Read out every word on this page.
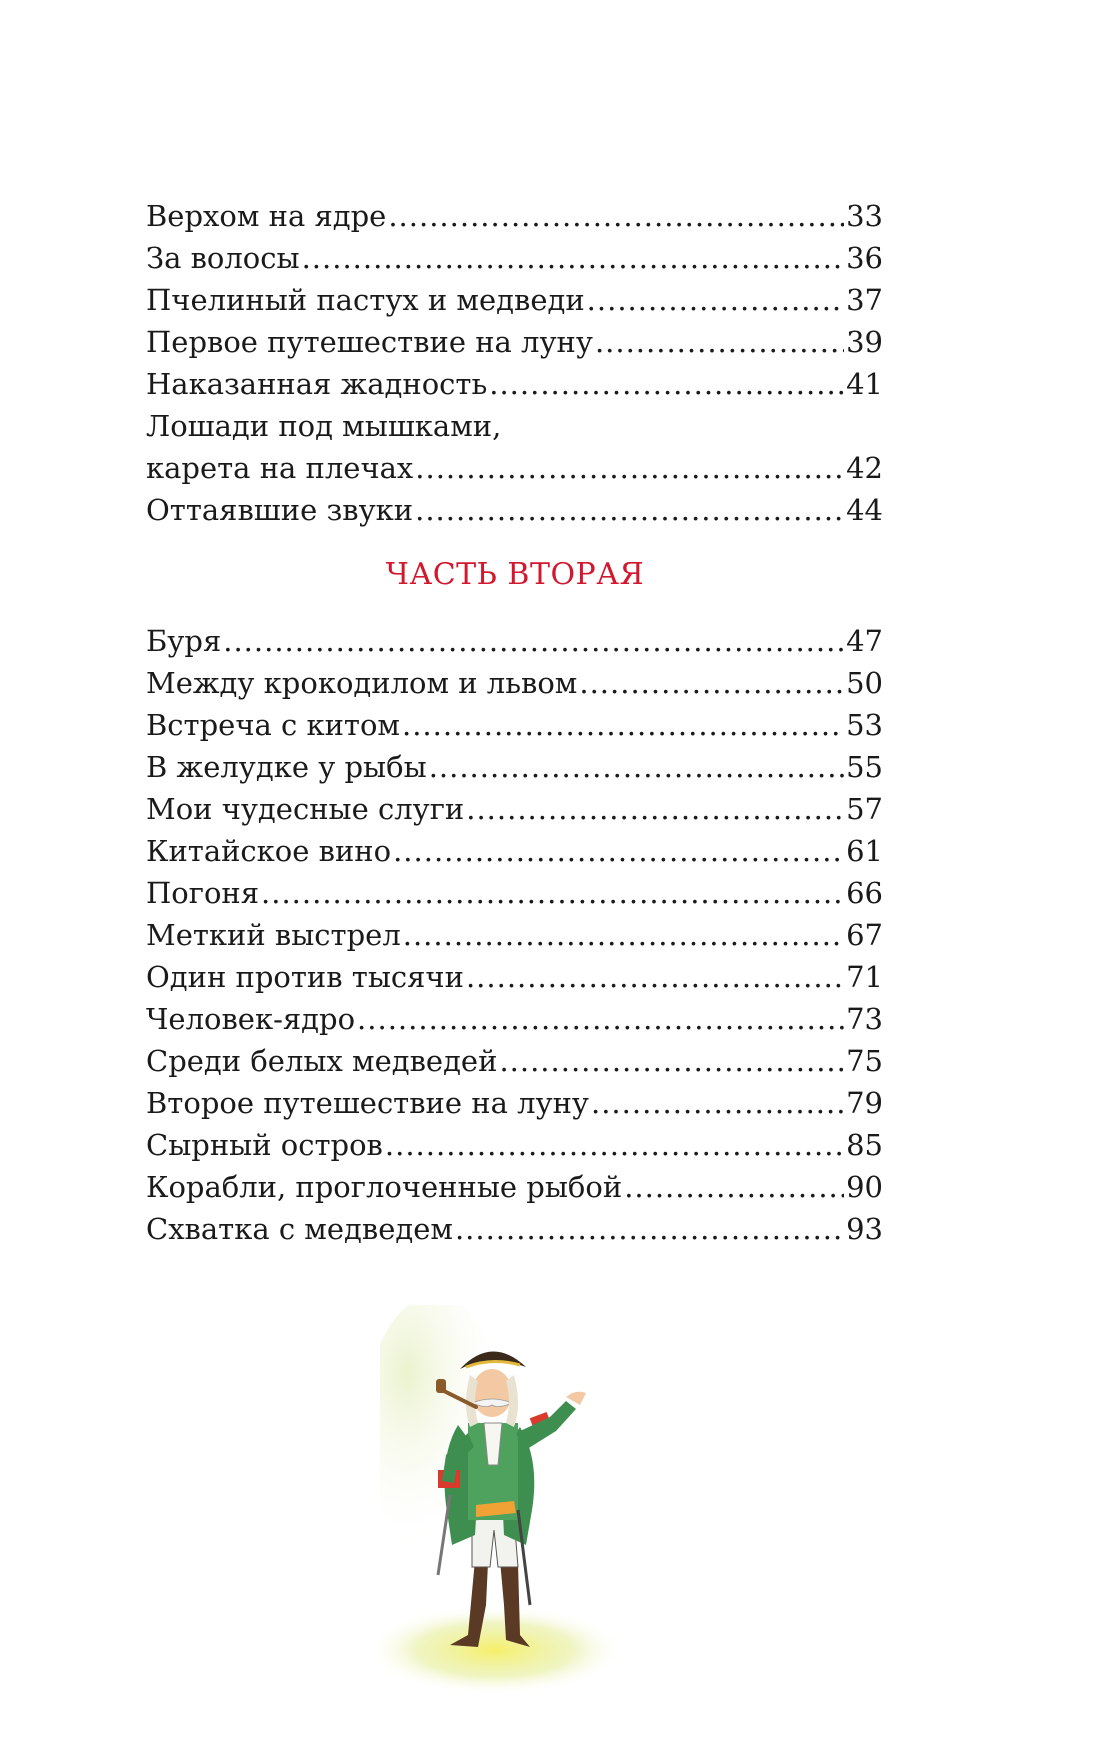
Верхом на ядре .....	33
За волосы .....	36
Пчелиный пастух и медведи .....	37
Первое путешествие на луну .....	39
Наказанная жадность .....	41
Лошади под мышками,
карета на плечах .....	42
Оттаявшие звуки .....	44
ЧАСТЬ ВТОРАЯ
Буря .....	47
Между крокодилом и львом .....	50
Встреча с китом .....	53
В желудке у рыбы .....	55
Мои чудесные слуги .....	57
Китайское вино .....	61
Погоня .....	66
Меткий выстрел .....	67
Один против тысячи .....	71
Человек-ядро .....	73
Среди белых медведей .....	75
Второе путешествие на луну .....	79
Сырный остров .....	85
Корабли, проглоченные рыбой .....	90
Схватка с медведем .....	93
